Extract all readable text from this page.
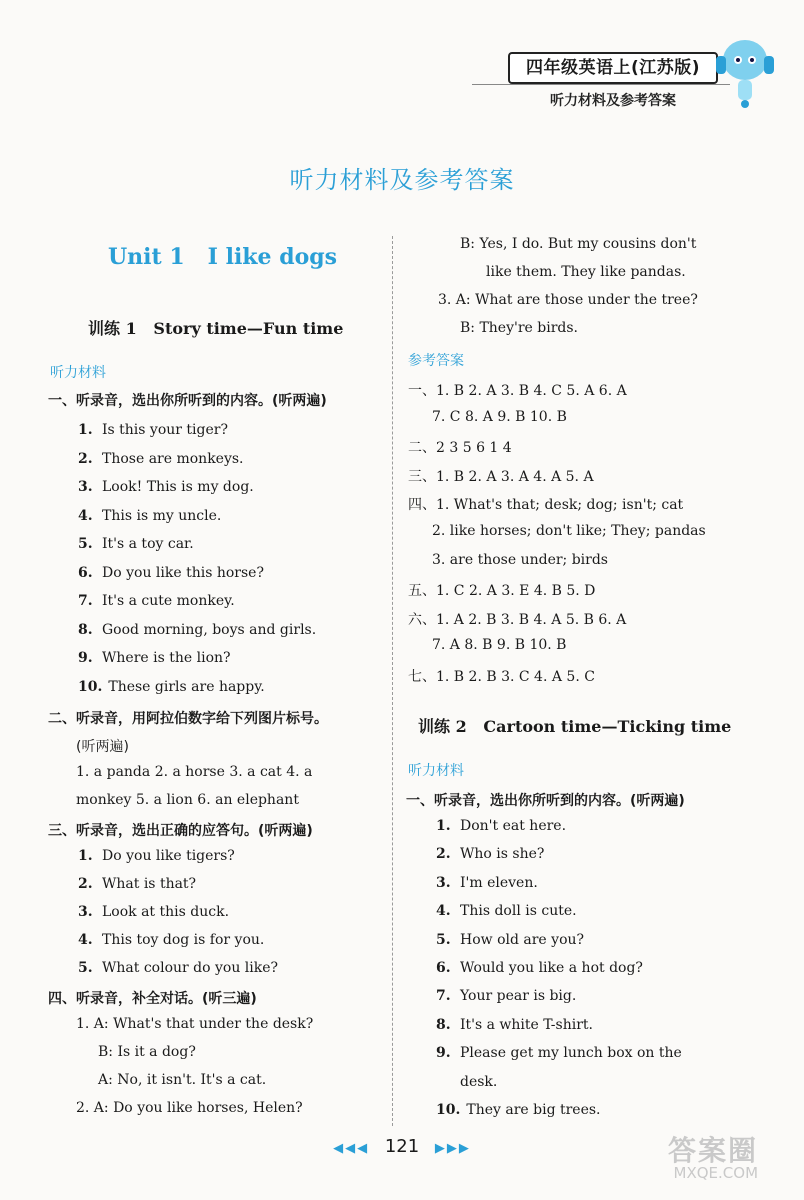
四年级英语上(江苏版)
听力材料及参考答案
听力材料及参考答案
Unit 1   I like dogs
训练 1   Story time—Fun time
听力材料
一、听录音，选出你所听到的内容。(听两遍)
1. Is this your tiger?
2. Those are monkeys.
3. Look! This is my dog.
4. This is my uncle.
5. It's a toy car.
6. Do you like this horse?
7. It's a cute monkey.
8. Good morning, boys and girls.
9. Where is the lion?
10. These girls are happy.
二、听录音，用阿拉伯数字给下列图片标号。
(听两遍)
1. a panda 2. a horse 3. a cat 4. a
monkey 5. a lion 6. an elephant
三、听录音，选出正确的应答句。(听两遍)
1. Do you like tigers?
2. What is that?
3. Look at this duck.
4. This toy dog is for you.
5. What colour do you like?
四、听录音，补全对话。(听三遍)
1. A: What's that under the desk?
B: Is it a dog?
A: No, it isn't. It's a cat.
2. A: Do you like horses, Helen?
B: Yes, I do. But my cousins don't
like them. They like pandas.
3. A: What are those under the tree?
B: They're birds.
参考答案
一、1. B 2. A 3. B 4. C 5. A 6. A
7. C 8. A 9. B 10. B
二、2 3 5 6 1 4
三、1. B 2. A 3. A 4. A 5. A
四、1. What's that; desk; dog; isn't; cat
2. like horses; don't like; They; pandas
3. are those under; birds
五、1. C 2. A 3. E 4. B 5. D
六、1. A 2. B 3. B 4. A 5. B 6. A
7. A 8. B 9. B 10. B
七、1. B 2. B 3. C 4. A 5. C
训练 2   Cartoon time—Ticking time
听力材料
一、听录音，选出你所听到的内容。(听两遍)
1. Don't eat here.
2. Who is she?
3. I'm eleven.
4. This doll is cute.
5. How old are you?
6. Would you like a hot dog?
7. Your pear is big.
8. It's a white T-shirt.
9. Please get my lunch box on the
desk.
10. They are big trees.
◀◀◀ 121 ▶▶▶	答案圈
MXQE.COM
